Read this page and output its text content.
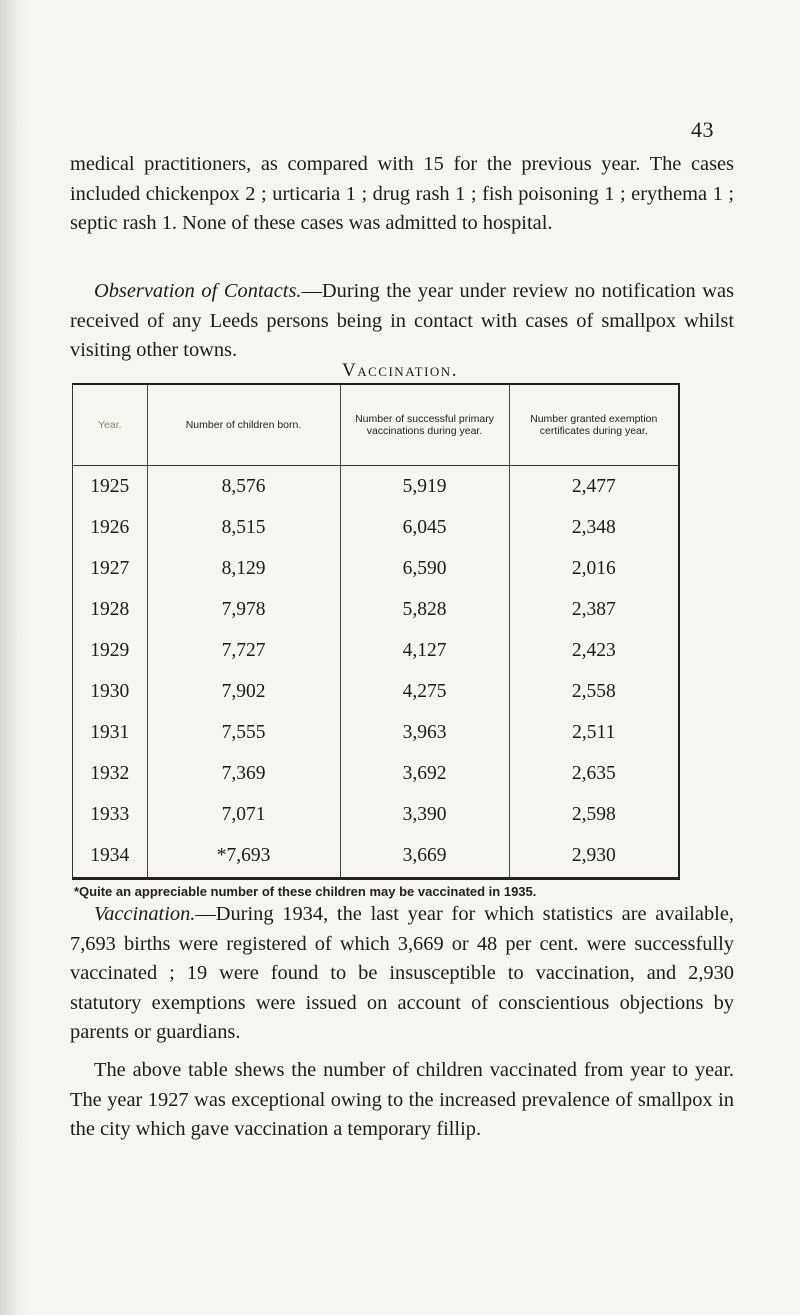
43

medical practitioners, as compared with 15 for the previous year. The cases included chickenpox 2 ; urticaria 1 ; drug rash 1 ; fish poisoning 1 ; erythema 1 ; septic rash 1. None of these cases was admitted to hospital.

Observation of Contacts.—During the year under review no notification was received of any Leeds persons being in contact with cases of smallpox whilst visiting other towns.

Vaccination.
Year.	Number of children born.	Number of successful primary vaccinations during year.	Number granted exemption certificates during year.
1925	8,576	5,919	2,477
1926	8,515	6,045	2,348
1927	8,129	6,590	2,016
1928	7,978	5,828	2,387
1929	7,727	4,127	2,423
1930	7,902	4,275	2,558
1931	7,555	3,963	2,511
1932	7,369	3,692	2,635
1933	7,071	3,390	2,598
1934	*7,693	3,669	2,930
*Quite an appreciable number of these children may be vaccinated in 1935.

Vaccination.—During 1934, the last year for which statistics are available, 7,693 births were registered of which 3,669 or 48 per cent. were successfully vaccinated ; 19 were found to be insusceptible to vaccination, and 2,930 statutory exemptions were issued on account of conscientious objections by parents or guardians.

The above table shews the number of children vaccinated from year to year. The year 1927 was exceptional owing to the increased prevalence of smallpox in the city which gave vaccination a temporary fillip.
